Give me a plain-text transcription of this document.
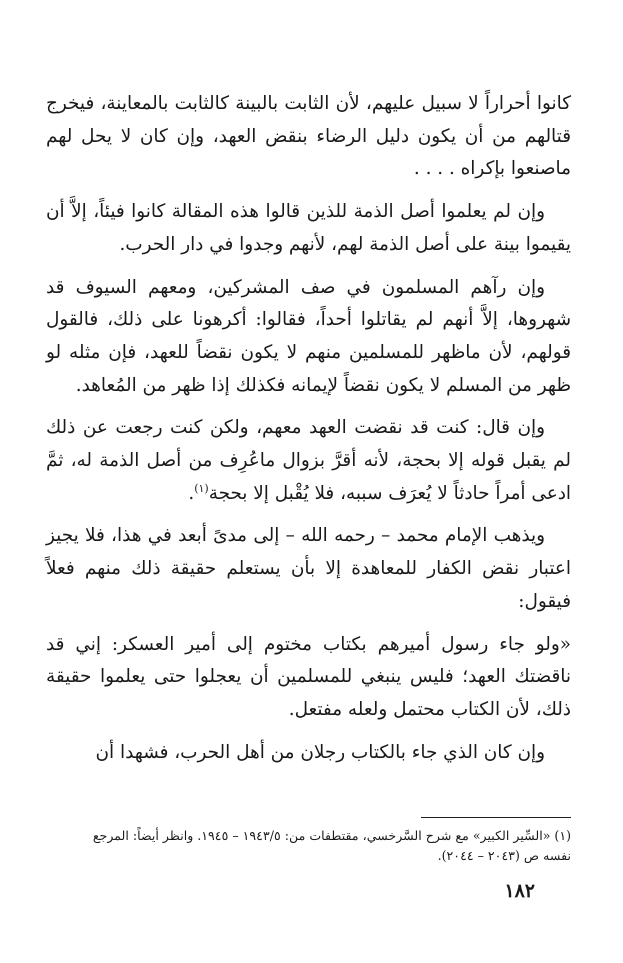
كانوا أحراراً لا سبيل عليهم، لأن الثابت بالبينة كالثابت بالمعاينة، فيخرج قتالهم من أن يكون دليل الرضاء بنقض العهد، وإن كان لا يحل لهم ماصنعوا بإكراه . . . .

وإن لم يعلموا أصل الذمة للذين قالوا هذه المقالة كانوا فيئاً، إلاَّ أن يقيموا بينة على أصل الذمة لهم، لأنهم وجدوا في دار الحرب.

وإن رآهم المسلمون في صف المشركين، ومعهم السيوف قد شهروها، إلاَّ أنهم لم يقاتلوا أحداً، فقالوا: أكرهونا على ذلك، فالقول قولهم، لأن ماظهر للمسلمين منهم لا يكون نقضاً للعهد، فإن مثله لو ظهر من المسلم لا يكون نقضاً لإيمانه فكذلك إذا ظهر من المُعاهد.

وإن قال: كنت قد نقضت العهد معهم، ولكن كنت رجعت عن ذلك لم يقبل قوله إلا بحجة، لأنه أقرَّ بزوال ماعُرِف من أصل الذمة له، ثمَّ ادعى أمراً حادثاً لا يُعرَف سببه، فلا يُقْبل إلا بحجة$^{(١)}$.

ويذهب الإمام محمد – رحمه الله – إلى مدىً أبعد في هذا، فلا يجيز اعتبار نقض الكفار للمعاهدة إلا بأن يستعلم حقيقة ذلك منهم فعلاً فيقول:

«ولو جاء رسول أميرهم بكتاب مختوم إلى أمير العسكر: إني قد ناقضتك العهد؛ فليس ينبغي للمسلمين أن يعجلوا حتى يعلموا حقيقة ذلك، لأن الكتاب محتمل ولعله مفتعل.

وإن كان الذي جاء بالكتاب رجلان من أهل الحرب، فشهدا أن

(١) «السِّير الكبير» مع شرح السَّرخسي، مقتطفات من: ١٩٤٣/٥ – ١٩٤٥. وانظر أيضاً: المرجع

نفسه ص (٢٠٤٣ – ٢٠٤٤).

١٨٢
